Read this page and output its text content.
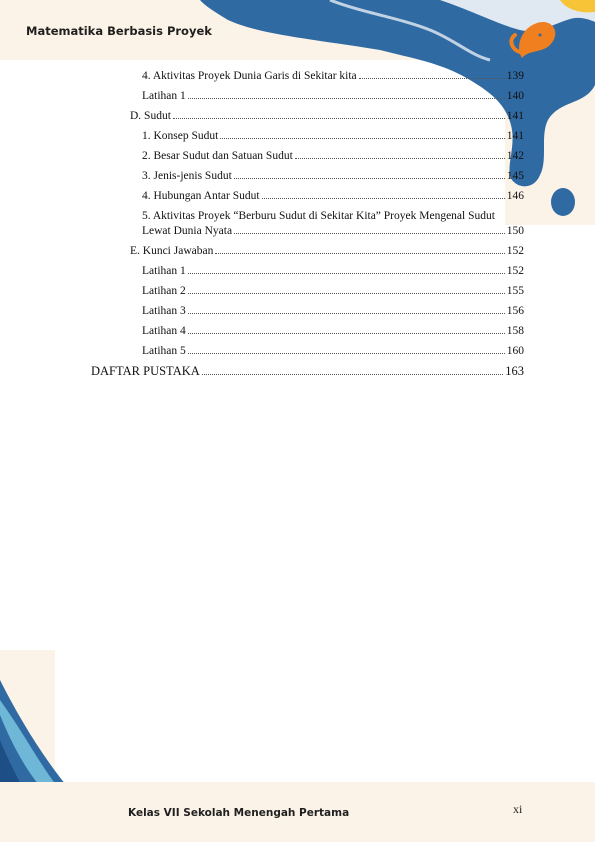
Matematika Berbasis Proyek
Kelas VII Sekolah Menengah Pertama	xi
4. Aktivitas Proyek Dunia Garis di Sekitar kita	139
Latihan 1	140
D. Sudut	141
1. Konsep Sudut	141
2. Besar Sudut dan Satuan Sudut	142
3. Jenis-jenis Sudut	145
4. Hubungan Antar Sudut	146
5. Aktivitas Proyek “Berburu Sudut di Sekitar Kita” Proyek Mengenal Sudut
Lewat Dunia Nyata	150
E. Kunci Jawaban	152
Latihan 1	152
Latihan 2	155
Latihan 3	156
Latihan 4	158
Latihan 5	160
DAFTAR PUSTAKA	163
